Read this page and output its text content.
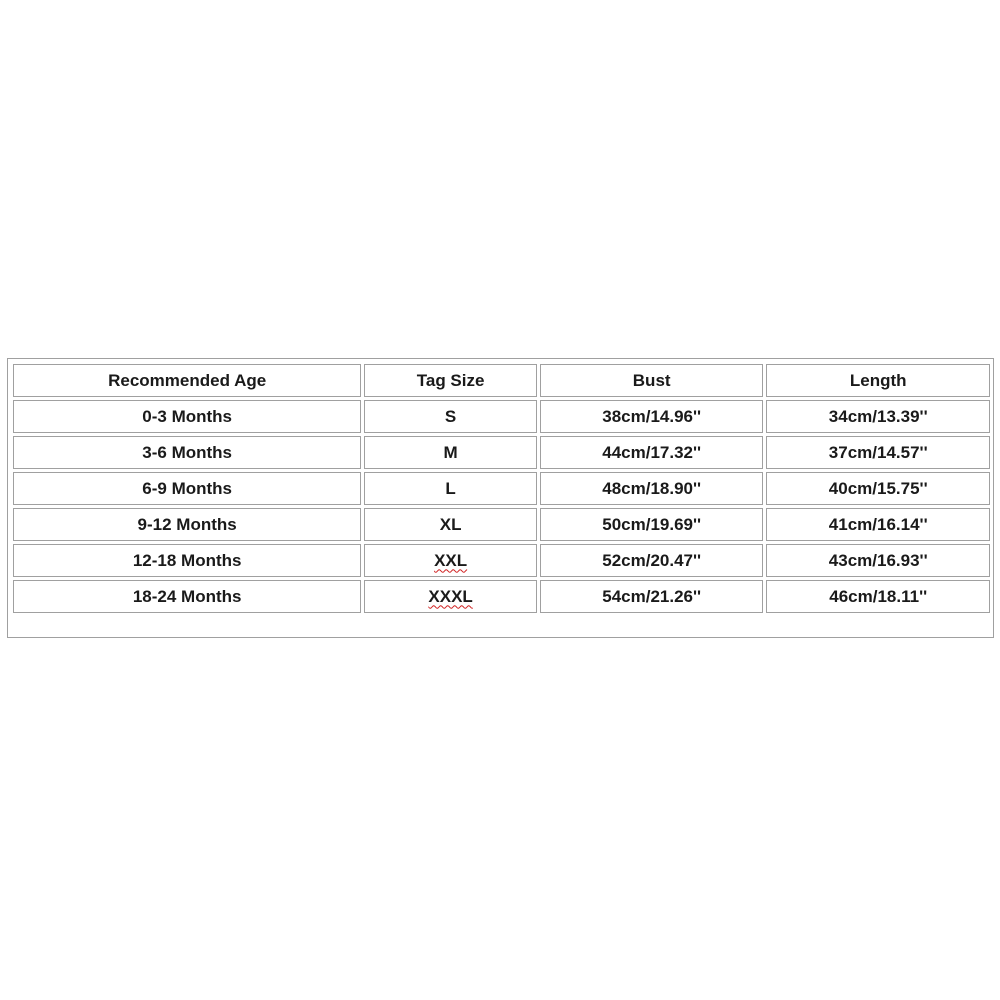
Recommended Age	Tag Size	Bust	Length
0-3 Months	S	38cm/14.96''	34cm/13.39''
3-6 Months	M	44cm/17.32''	37cm/14.57''
6-9 Months	L	48cm/18.90''	40cm/15.75''
9-12 Months	XL	50cm/19.69''	41cm/16.14''
12-18 Months	XXL	52cm/20.47''	43cm/16.93''
18-24 Months	XXXL	54cm/21.26''	46cm/18.11''
